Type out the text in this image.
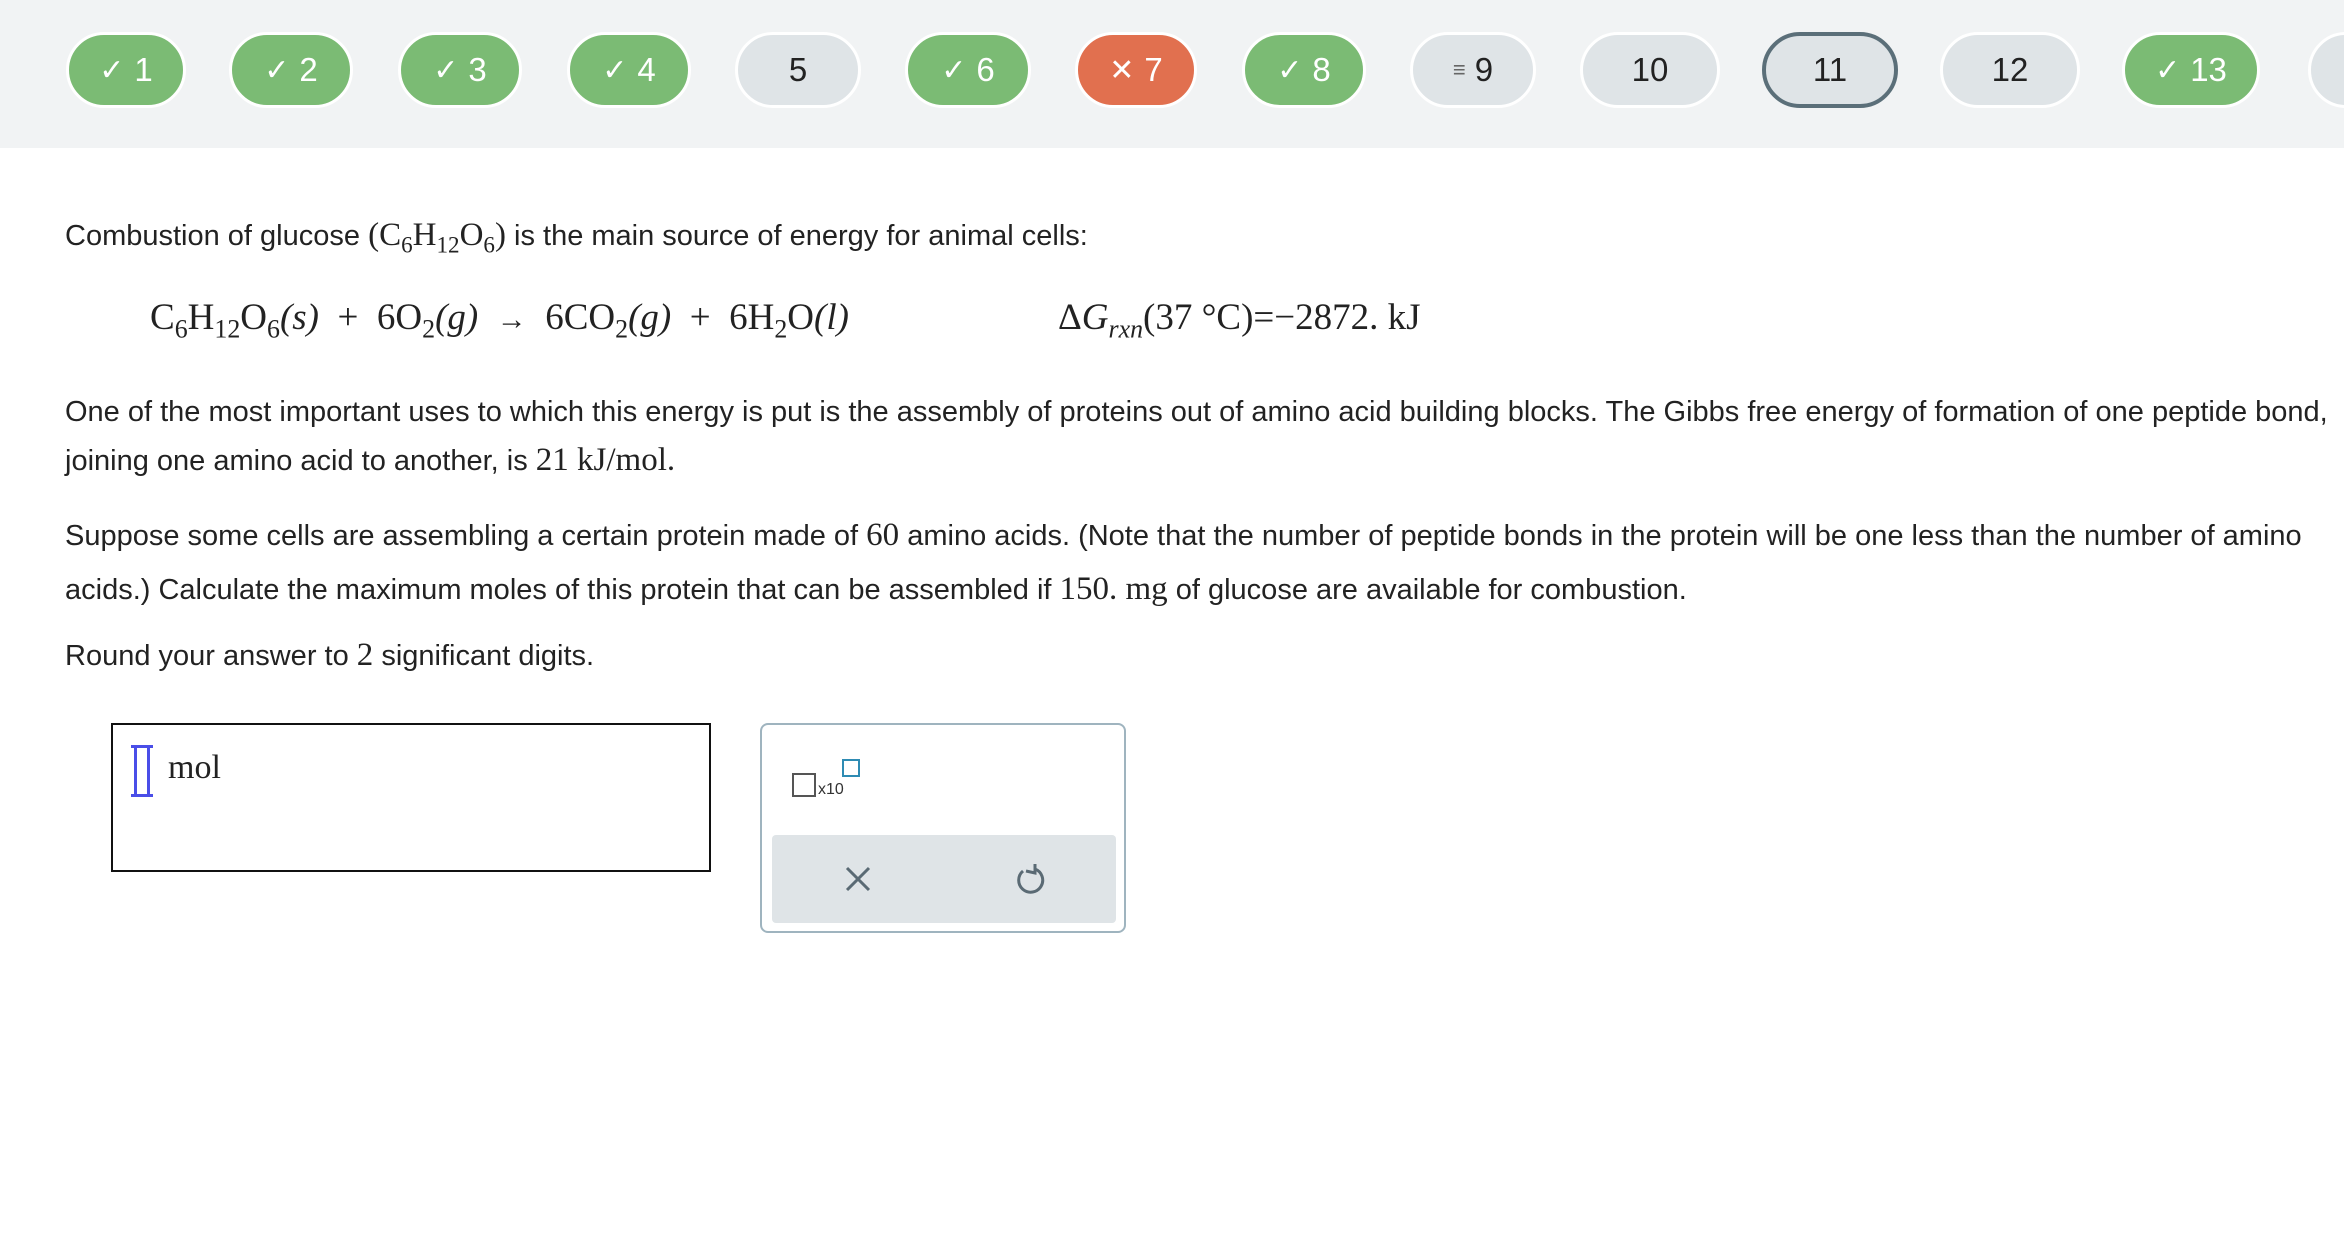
✓ 1	✓ 2	✓ 3	✓ 4	5	✓ 6	✕ 7	✓ 8	≡ 9	10	11	12	✓ 13
Combustion of glucose $(C_6H_{12}O_6)$ is the main source of energy for animal cells:
$C_6H_{12}O_6(s) + 6O_2(g) \to 6CO_2(g) + 6H_2O(l)$	$\Delta G_{rxn}(37$ °C)=−2872. kJ
One of the most important uses to which this energy is put is the assembly of proteins out of amino acid building blocks. The Gibbs free energy of formation of one peptide bond, joining one amino acid to another, is 21 kJ/mol.
Suppose some cells are assembling a certain protein made of 60 amino acids. (Note that the number of peptide bonds in the protein will be one less than the number of amino acids.) Calculate the maximum moles of this protein that can be assembled if 150. mg of glucose are available for combustion.
Round your answer to 2 significant digits.
mol
x10
